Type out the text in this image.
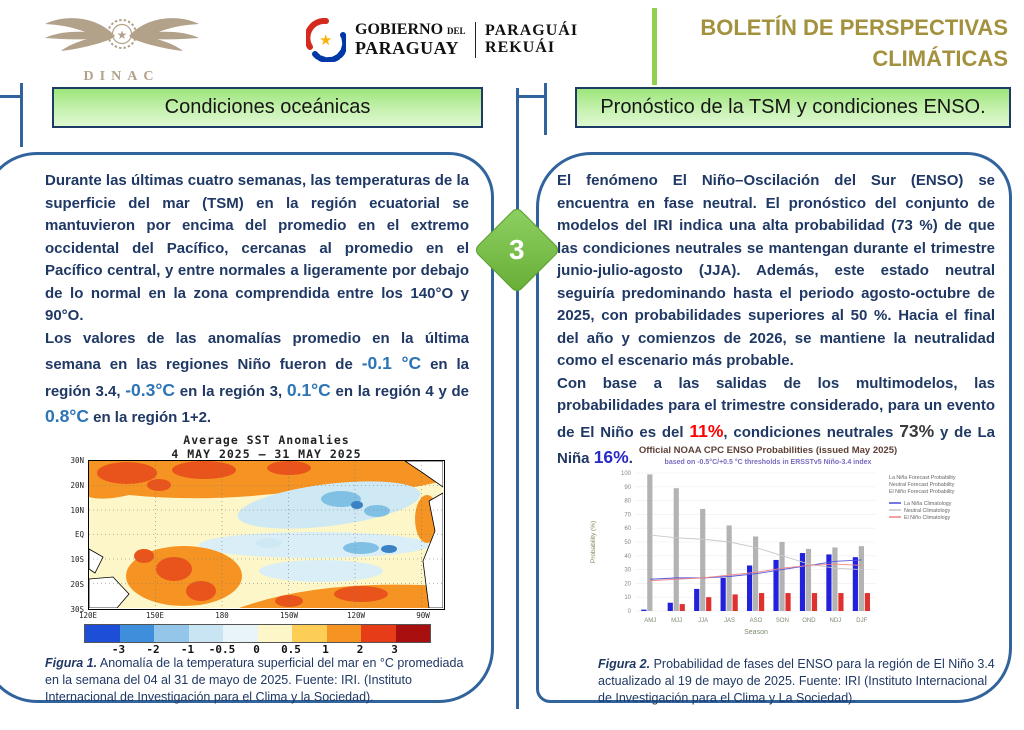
★
DINAC
★
GOBIERNO DEL
PARAGUAY
PARAGUÁI
REKUÁI
BOLETÍN DE PERSPECTIVAS
CLIMÁTICAS
Condiciones oceánicas	Pronóstico de la TSM y condiciones ENSO.
3
Durante las últimas cuatro semanas, las temperaturas de la superficie del mar (TSM) en la región ecuatorial se mantuvieron por encima del promedio en el extremo occidental del Pacífico, cercanas al promedio en el Pacífico central, y entre normales a ligeramente por debajo de lo normal en la zona comprendida entre los 140°O y 90°O.
Los valores de las anomalías promedio en la última semana en las regiones Niño fueron de -0.1 °C en la región 3.4, -0.3°C en la región 3, 0.1°C en la región 4 y de 0.8°C en la región 1+2.
Average SST Anomalies
4 MAY 2025 – 31 MAY 2025
30N
20N
10N
EQ
10S
20S
30S
120E	150E	180	150W	120W	90W
-3 -2 -1 -0.5 0 0.5 1	2	3
Figura 1. Anomalía de la temperatura superficial del mar en °C promediada en la semana del 04 al 31 de mayo de 2025. Fuente: IRI. (Instituto Internacional de Investigación para el Clima y la Sociedad).
El fenómeno El Niño–Oscilación del Sur (ENSO) se encuentra en fase neutral. El pronóstico del conjunto de modelos del IRI indica una alta probabilidad (73 %) de que las condiciones neutrales se mantengan durante el trimestre junio-julio-agosto (JJA). Además, este estado neutral seguiría predominando hasta el periodo agosto-octubre de 2025, con probabilidades superiores al 50 %. Hacia el final del año y comienzos de 2026, se mantiene la neutralidad como el escenario más probable.
Con base a las salidas de los multimodelos, las probabilidades para el trimestre considerado, para un evento de El Niño es del 11%, condiciones neutrales 73% y de La Niña 16%. Official NOAA CPC ENSO Probabilities (issued May 2025)
based on -0.5°C/+0.5 °C thresholds in ERSSTv5 Niño-3.4 index
0
10
20
30
40
50
60
70
80
90
100
Probability (%)
AMJ MJJ	JJA	JAS ASO SON OND NDJ	DJF
Season
La Niña Forecast Probability
Neutral Forecast Probability
El Niño Forecast Probability
La Niña Climatology
Neutral Climatology
El Niño Climatology
Figura 2. Probabilidad de fases del ENSO para la región de El Niño 3.4 actualizado al 19 de mayo de 2025. Fuente: IRI (Instituto Internacional de Investigación para el Clima y La Sociedad).
